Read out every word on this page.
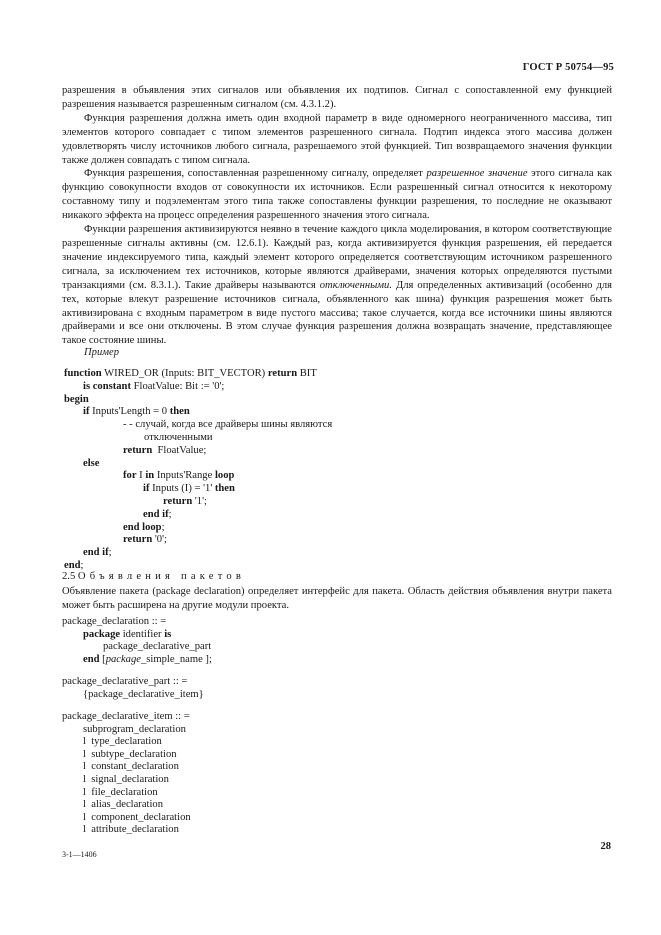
ГОСТ Р 50754—95

разрешения в объявления этих сигналов или объявления их подтипов. Сигнал с сопоставленной ему функцией разрешения называется разрешенным сигналом (см. 4.3.1.2).

Функция разрешения должна иметь один входной параметр в виде одномерного неограниченного массива, тип элементов которого совпадает с типом элементов разрешенного сигнала. Подтип индекса этого массива должен удовлетворять числу источников любого сигнала, разрешаемого этой функцией. Тип возвращаемого значения функции также должен совпадать с типом сигнала.

Функция разрешения, сопоставленная разрешенному сигналу, определяет разрешенное значение этого сигнала как функцию совокупности входов от совокупности их источников. Если разрешенный сигнал относится к некоторому составному типу и подэлементам этого типа также сопоставлены функции разрешения, то последние не оказывают никакого эффекта на процесс определения разрешенного значения этого сигнала.

Функции разрешения активизируются неявно в течение каждого цикла моделирования, в котором соответствующие разрешенные сигналы активны (см. 12.6.1). Каждый раз, когда активизируется функция разрешения, ей передается значение индексируемого типа, каждый элемент которого определяется соответствующим источником разрешенного сигнала, за исключением тех источников, которые являются драйверами, значения которых определяются пустыми транзакциями (см. 8.3.1.). Такие драйверы называются отключенными. Для определенных активизаций (особенно для тех, которые влекут разрешение источников сигнала, объявленного как шина) функция разрешения может быть активизирована с входным параметром в виде пустого массива; такое случается, когда все источники шины являются драйверами и все они отключены. В этом случае функция разрешения должна возвращать значение, представляющее такое состояние шины.

Пример
function WIRED_OR (Inputs: BIT_VECTOR) return BIT
is constant FloatValue: Bit := '0';
begin
if Inputs'Length = 0 then
- - случай, когда все драйверы шины являются
отключенными
return  FloatValue;
else
for I in Inputs'Range loop
if Inputs (I) = '1' then
return '1';
end if;
end loop;
return '0';
end if;
end;
2.5 Объявления пакетов
Объявление пакета (package declaration) определяет интерфейс для пакета. Область действия объявления внутри пакета может быть расширена на другие модули проекта.
package_declaration :: =
package identifier is
package_declarative_part
end [package_simple_name ];
package_declarative_part :: =
{package_declarative_item}
package_declarative_item :: =
subprogram_declaration
l  type_declaration
l  subtype_declaration
l  constant_declaration
l  signal_declaration
l  file_declaration
l  alias_declaration
l  component_declaration
l  attribute_declaration
28
3-1—1406
